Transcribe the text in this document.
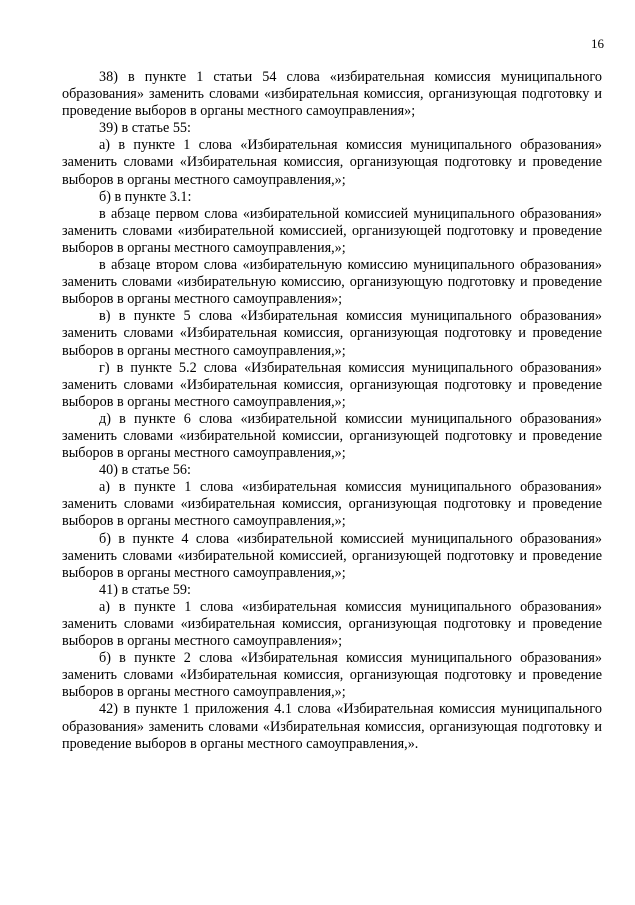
16

38) в пункте 1 статьи 54 слова «избирательная комиссия муниципального образования» заменить словами «избирательная комиссия, организующая подготовку и проведение выборов в органы местного самоуправления»;

39) в статье 55:

а) в пункте 1 слова «Избирательная комиссия муниципального образования» заменить словами «Избирательная комиссия, организующая подготовку и проведение выборов в органы местного самоуправления,»;

б) в пункте 3.1:

в абзаце первом слова «избирательной комиссией муниципального образования» заменить словами «избирательной комиссией, организующей подготовку и проведение выборов в органы местного самоуправления,»;

в абзаце втором слова «избирательную комиссию муниципального образования» заменить словами «избирательную комиссию, организующую подготовку и проведение выборов в органы местного самоуправления»;

в) в пункте 5 слова «Избирательная комиссия муниципального образования» заменить словами «Избирательная комиссия, организующая подготовку и проведение выборов в органы местного самоуправления,»;

г) в пункте 5.2 слова «Избирательная комиссия муниципального образования» заменить словами «Избирательная комиссия, организующая подготовку и проведение выборов в органы местного самоуправления,»;

д) в пункте 6 слова «избирательной комиссии муниципального образования» заменить словами «избирательной комиссии, организующей подготовку и проведение выборов в органы местного самоуправления,»;

40) в статье 56:

а) в пункте 1 слова «избирательная комиссия муниципального образования» заменить словами «избирательная комиссия, организующая подготовку и проведение выборов в органы местного самоуправления,»;

б) в пункте 4 слова «избирательной комиссией муниципального образования» заменить словами «избирательной комиссией, организующей подготовку и проведение выборов в органы местного самоуправления,»;

41) в статье 59:

а) в пункте 1 слова «избирательная комиссия муниципального образования» заменить словами «избирательная комиссия, организующая подготовку и проведение выборов в органы местного самоуправления»;

б) в пункте 2 слова «Избирательная комиссия муниципального образования» заменить словами «Избирательная комиссия, организующая подготовку и проведение выборов в органы местного самоуправления,»;

42) в пункте 1 приложения 4.1 слова «Избирательная комиссия муниципального образования» заменить словами «Избирательная комиссия, организующая подготовку и проведение выборов в органы местного самоуправления,».
